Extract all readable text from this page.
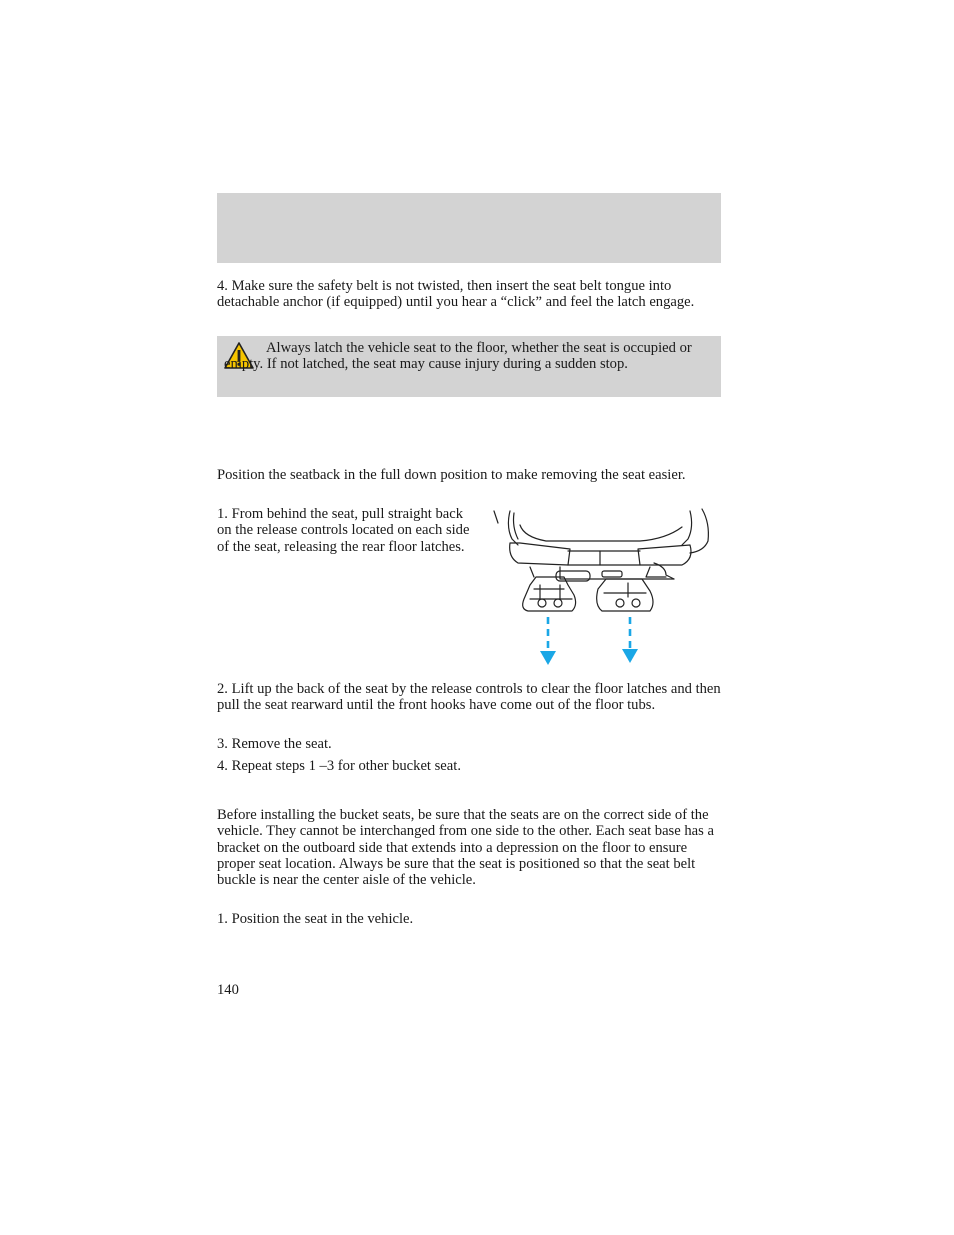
4. Make sure the safety belt is not twisted, then insert the seat belt tongue into detachable anchor (if equipped) until you hear a “click” and feel the latch engage.

Always latch the vehicle seat to the floor, whether the seat is occupied or empty. If not latched, the seat may cause injury during a sudden stop.

Position the seatback in the full down position to make removing the seat easier.

1. From behind the seat, pull straight back on the release controls located on each side of the seat, releasing the rear floor latches.

2. Lift up the back of the seat by the release controls to clear the floor latches and then pull the seat rearward until the front hooks have come out of the floor tubs.

3. Remove the seat.

4. Repeat steps 1 –3 for other bucket seat.

Before installing the bucket seats, be sure that the seats are on the correct side of the vehicle. They cannot be interchanged from one side to the other. Each seat base has a bracket on the outboard side that extends into a depression on the floor to ensure proper seat location. Always be sure that the seat is positioned so that the seat belt buckle is near the center aisle of the vehicle.

1. Position the seat in the vehicle.

140
